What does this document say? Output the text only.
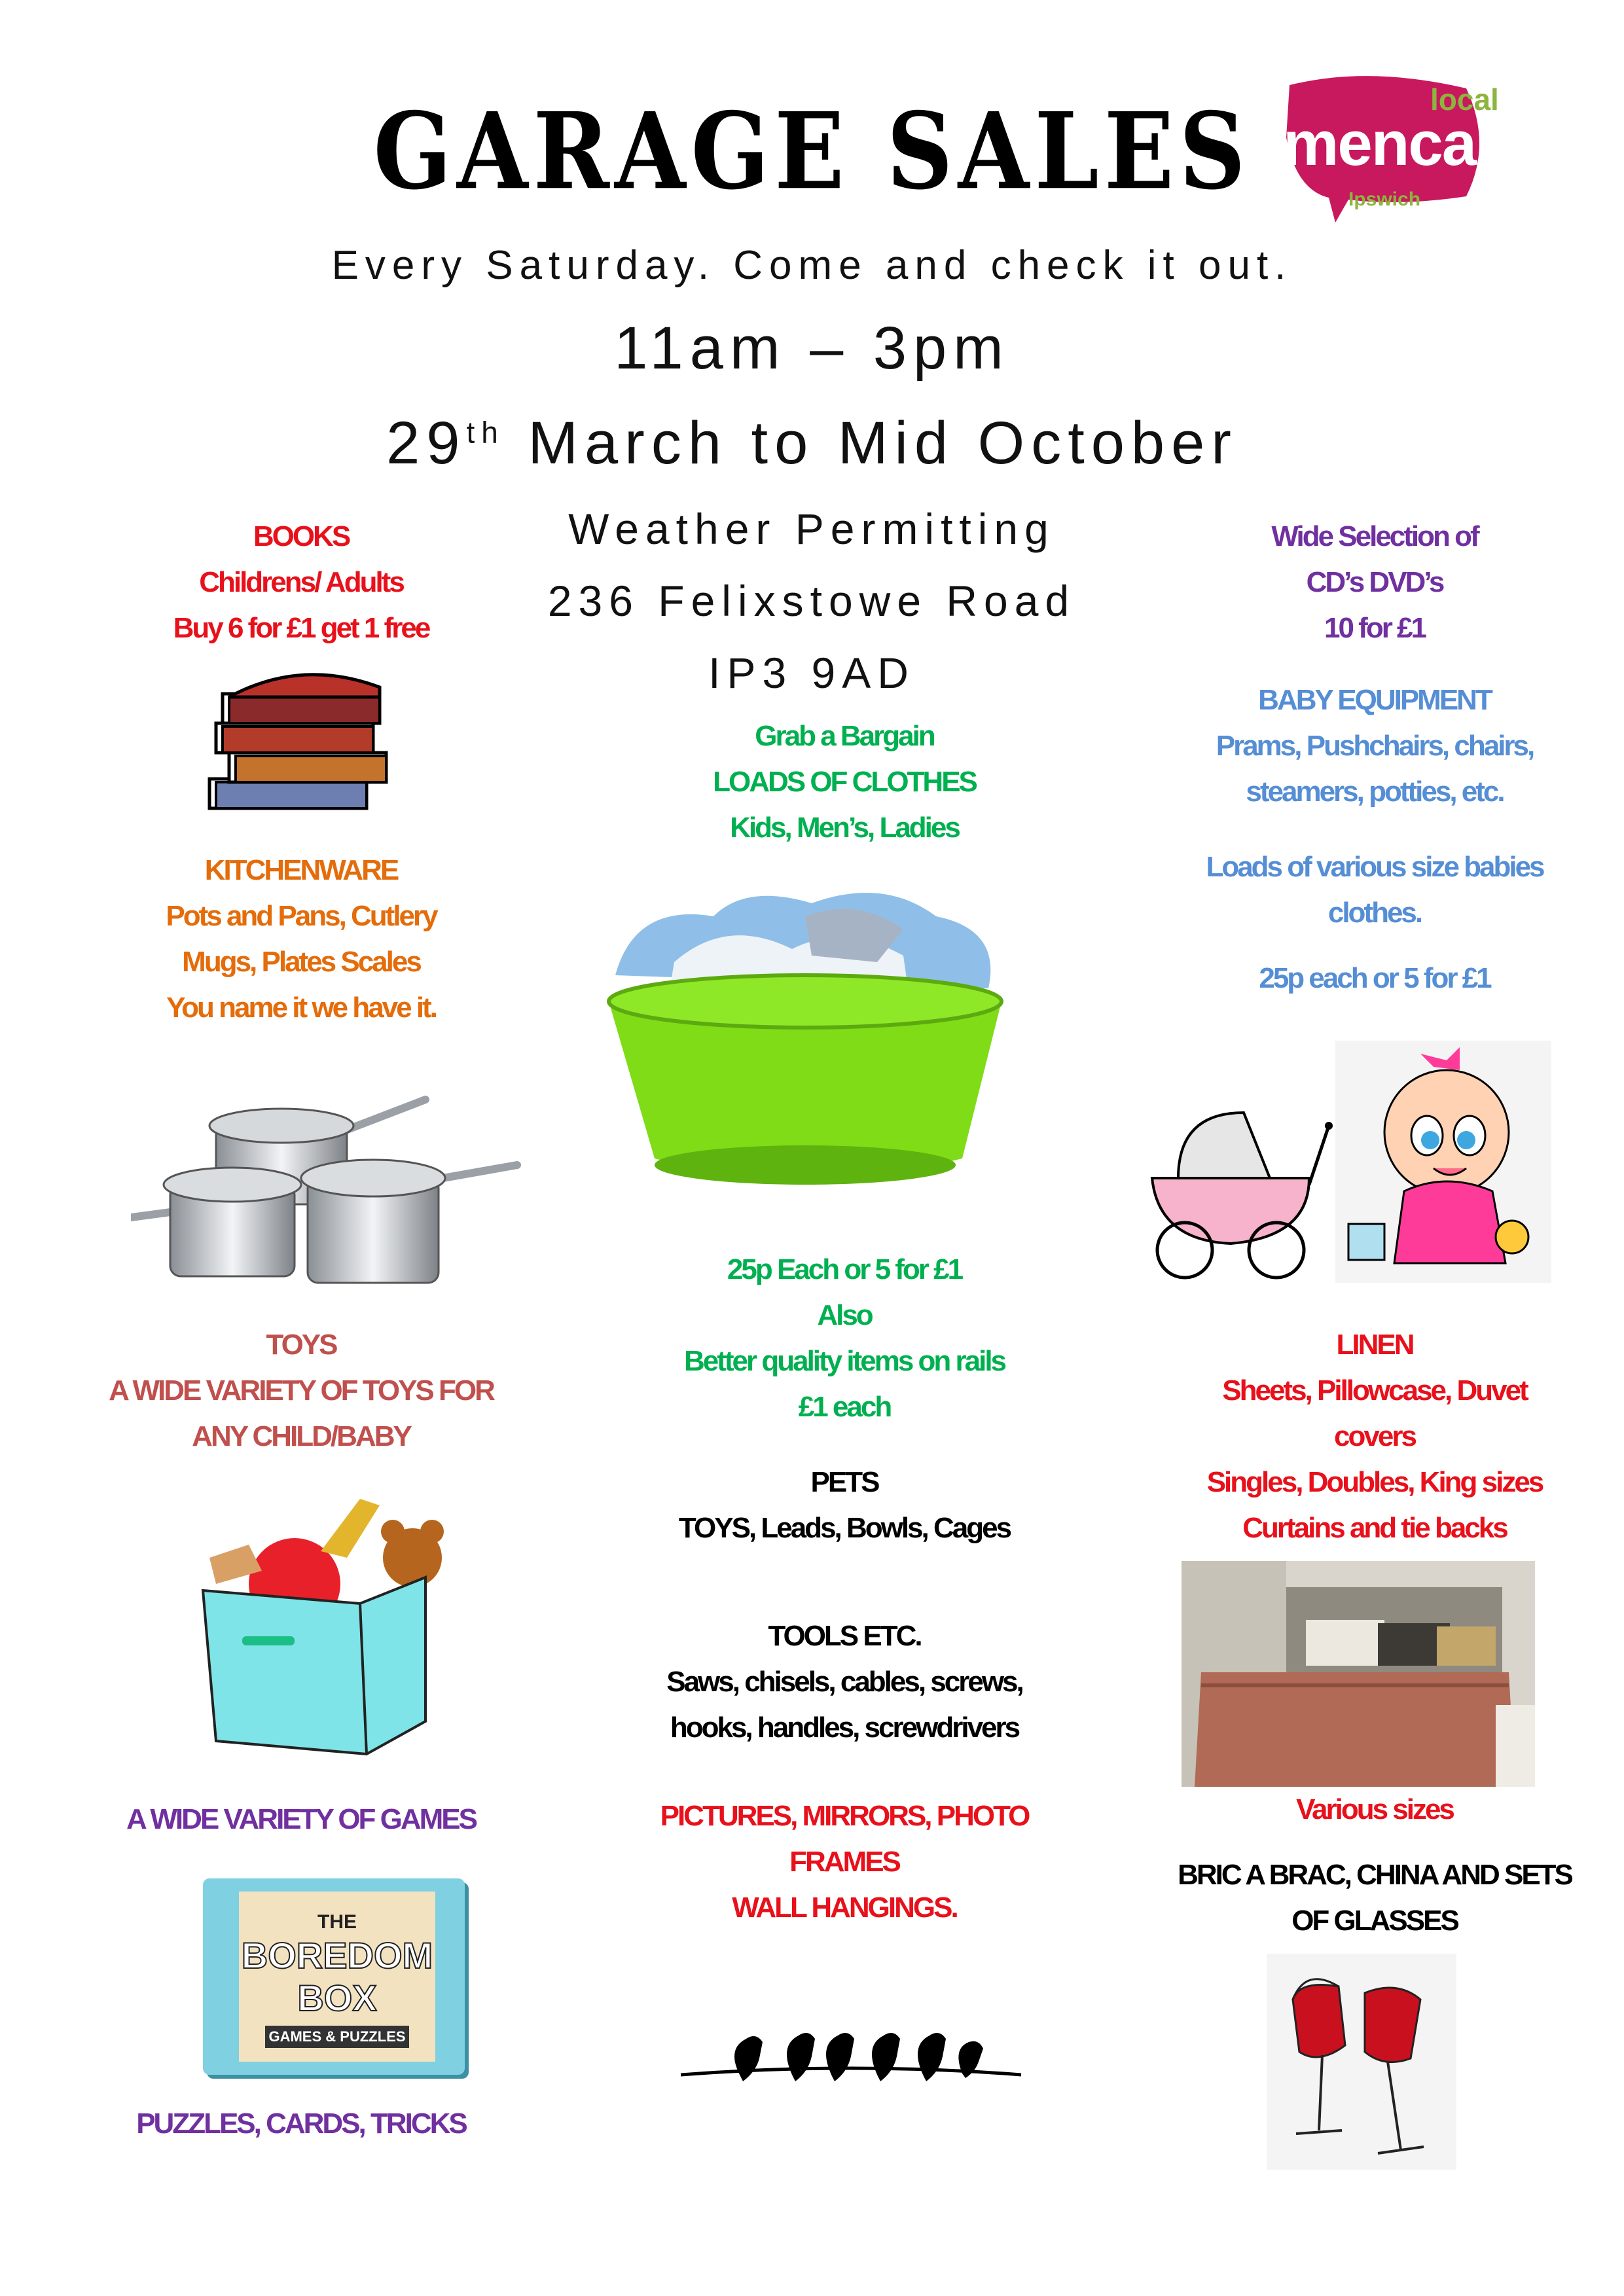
GARAGE SALES
Every Saturday. Come and check it out.
11am – 3pm
29th March to Mid October
Weather Permitting
236 Felixstowe Road
IP3 9AD
local
mencap
Ipswich
BOOKS
Childrens/ Adults
Buy 6 for £1 get 1 free
KITCHENWARE
Pots and Pans, Cutlery
Mugs, Plates Scales
You name it we have it.
TOYS
A WIDE VARIETY OF TOYS FOR
ANY CHILD/BABY
A WIDE VARIETY OF GAMES
THE
BOREDOM
BOX
GAMES & PUZZLES
PUZZLES, CARDS, TRICKS
Grab a Bargain
LOADS OF CLOTHES
Kids, Men’s, Ladies
25p Each or 5 for £1
Also
Better quality items on rails
£1 each
PETS
TOYS, Leads, Bowls, Cages
TOOLS ETC.
Saws, chisels, cables, screws,
hooks, handles, screwdrivers
PICTURES, MIRRORS, PHOTO
FRAMES
WALL HANGINGS.
Wide Selection of
CD’s DVD’s
10 for £1
BABY EQUIPMENT
Prams, Pushchairs, chairs,
steamers, potties, etc.
Loads of various size babies
clothes.
25p each or 5 for £1
LINEN
Sheets, Pillowcase, Duvet
covers
Singles, Doubles, King sizes
Curtains and tie backs
Various sizes
BRIC A BRAC, CHINA AND SETS
OF GLASSES
